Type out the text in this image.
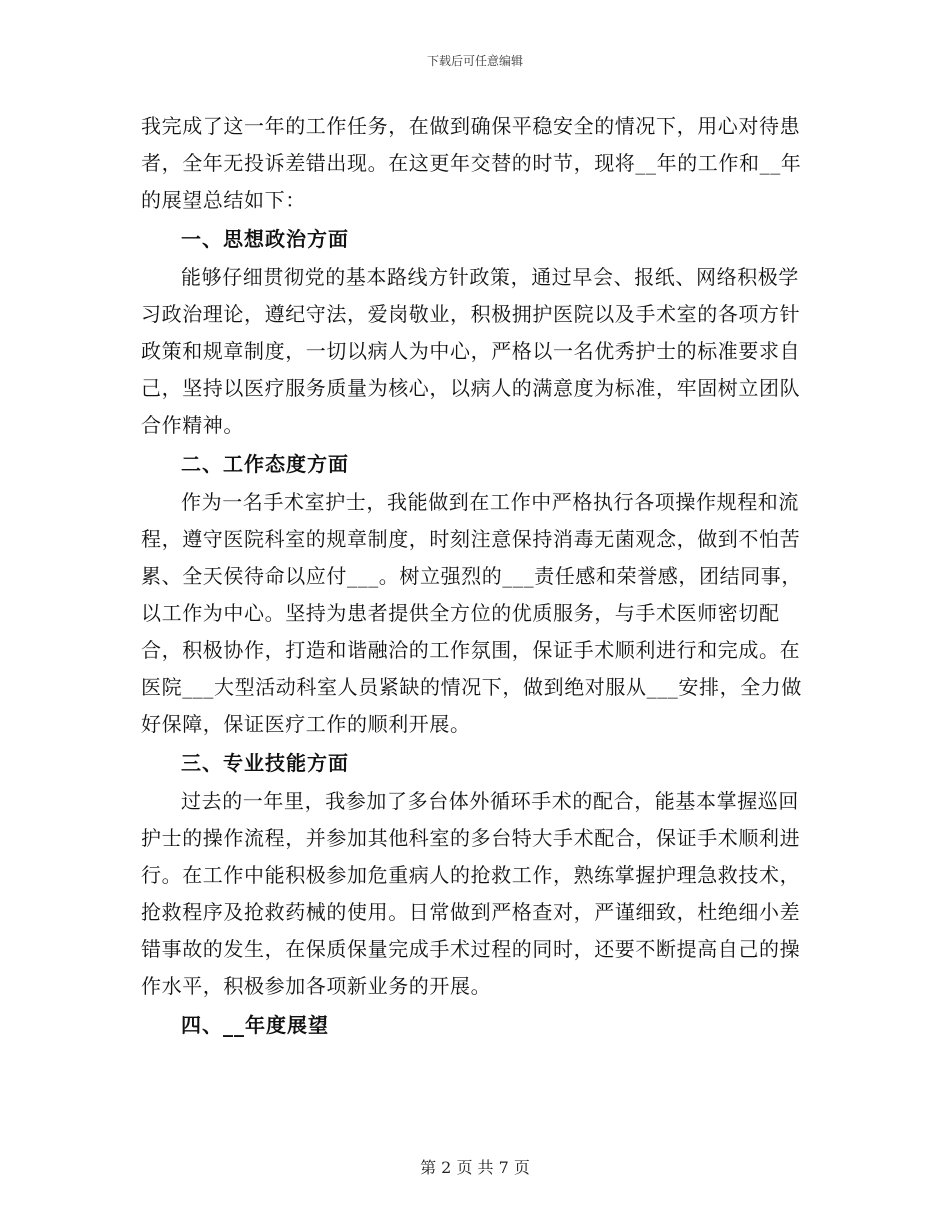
下载后可任意编辑

我完成了这一年的工作任务，在做到确保平稳安全的情况下，用心对待患者，全年无投诉差错出现。在这更年交替的时节，现将__年的工作和__年的展望总结如下：

一、思想政治方面

能够仔细贯彻党的基本路线方针政策，通过早会、报纸、网络积极学习政治理论，遵纪守法，爱岗敬业，积极拥护医院以及手术室的各项方针政策和规章制度，一切以病人为中心，严格以一名优秀护士的标准要求自己，坚持以医疗服务质量为核心，以病人的满意度为标准，牢固树立团队合作精神。

二、工作态度方面

作为一名手术室护士，我能做到在工作中严格执行各项操作规程和流程，遵守医院科室的规章制度，时刻注意保持消毒无菌观念，做到不怕苦累、全天侯待命以应付___。树立强烈的___责任感和荣誉感，团结同事，以工作为中心。坚持为患者提供全方位的优质服务，与手术医师密切配合，积极协作，打造和谐融洽的工作氛围，保证手术顺利进行和完成。在医院___大型活动科室人员紧缺的情况下，做到绝对服从___安排，全力做好保障，保证医疗工作的顺利开展。

三、专业技能方面

过去的一年里，我参加了多台体外循环手术的配合，能基本掌握巡回护士的操作流程，并参加其他科室的多台特大手术配合，保证手术顺利进行。在工作中能积极参加危重病人的抢救工作，熟练掌握护理急救技术，抢救程序及抢救药械的使用。日常做到严格查对，严谨细致，杜绝细小差错事故的发生，在保质保量完成手术过程的同时，还要不断提高自己的操作水平，积极参加各项新业务的开展。

四、__年度展望
第 2 页 共 7 页
